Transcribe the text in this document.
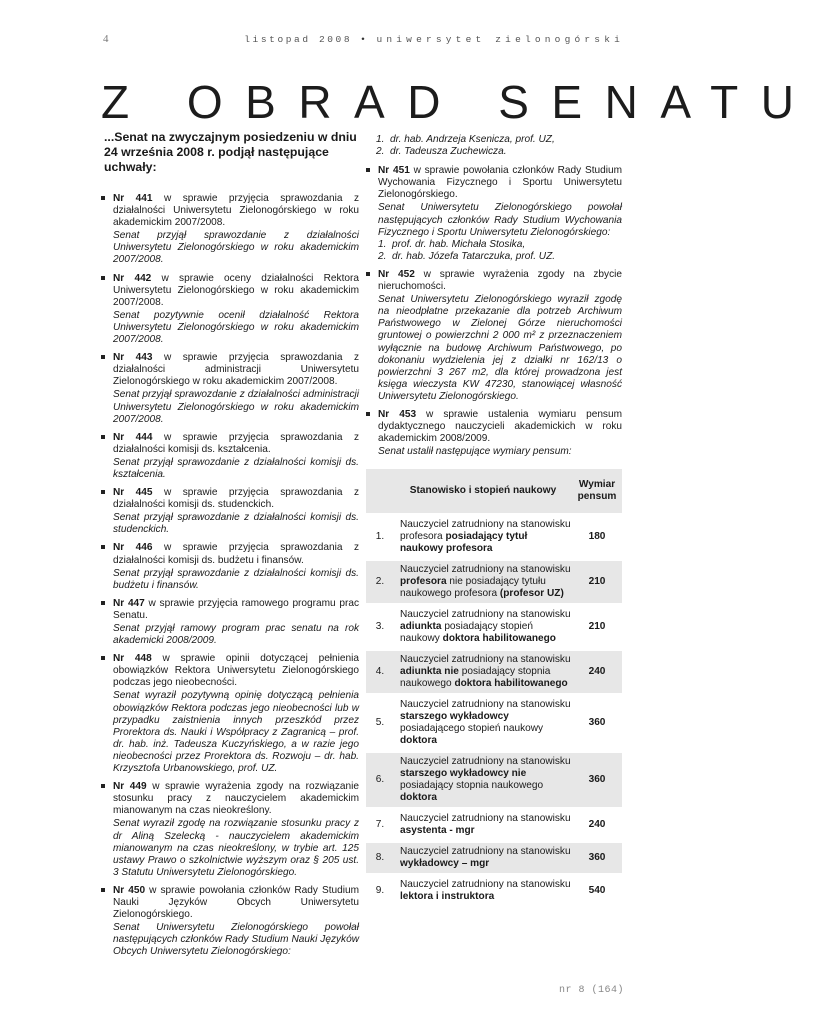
4	listopad 2008 • uniwersytet zielonogórski
Z OBRAD SENATU
...Senat na zwyczajnym posiedzeniu w dniu 24 września 2008 r. podjął następujące uchwały:
Nr 441 w sprawie przyjęcia sprawozdania z działalności Uniwersytetu Zielonogórskiego w roku akademickim 2007/2008.
Senat przyjął sprawozdanie z działalności Uniwersytetu Zielonogórskiego w roku akademickim 2007/2008.
Nr 442 w sprawie oceny działalności Rektora Uniwersytetu Zielonogórskiego w roku akademickim 2007/2008.
Senat pozytywnie ocenił działalność Rektora Uniwersytetu Zielonogórskiego w roku akademickim 2007/2008.
Nr 443 w sprawie przyjęcia sprawozdania z działalności administracji Uniwersytetu Zielonogórskiego w roku akademickim 2007/2008.
Senat przyjął sprawozdanie z działalności administracji Uniwersytetu Zielonogórskiego w roku akademickim 2007/2008.
Nr 444 w sprawie przyjęcia sprawozdania z działalności komisji ds. kształcenia.
Senat przyjął sprawozdanie z działalności komisji ds. kształcenia.
Nr 445 w sprawie przyjęcia sprawozdania z działalności komisji ds. studenckich.
Senat przyjął sprawozdanie z działalności komisji ds. studenckich.
Nr 446 w sprawie przyjęcia sprawozdania z działalności komisji ds. budżetu i finansów.
Senat przyjął sprawozdanie z działalności komisji ds. budżetu i finansów.
Nr 447 w sprawie przyjęcia ramowego programu prac Senatu.
Senat przyjął ramowy program prac senatu na rok akademicki 2008/2009.
Nr 448 w sprawie opinii dotyczącej pełnienia obowiązków Rektora Uniwersytetu Zielonogórskiego podczas jego nieobecności.
Senat wyraził pozytywną opinię dotyczącą pełnienia obowiązków Rektora podczas jego nieobecności lub w przypadku zaistnienia innych przeszkód przez Prorektora ds. Nauki i Współpracy z Zagranicą – prof. dr. hab. inż. Tadeusza Kuczyńskiego, a w razie jego nieobecności przez Prorektora ds. Rozwoju – dr. hab. Krzysztofa Urbanowskiego, prof. UZ.
Nr 449 w sprawie wyrażenia zgody na rozwiązanie stosunku pracy z nauczycielem akademickim mianowanym na czas nieokreślony.
Senat wyraził zgodę na rozwiązanie stosunku pracy z dr Aliną Szelecką - nauczycielem akademickim mianowanym na czas nieokreślony, w trybie art. 125 ustawy Prawo o szkolnictwie wyższym oraz § 205 ust. 3 Statutu Uniwersytetu Zielonogórskiego.
Nr 450 w sprawie powołania członków Rady Studium Nauki Języków Obcych Uniwersytetu Zielonogórskiego.
Senat Uniwersytetu Zielonogórskiego powołał następujących członków Rady Studium Nauki Języków Obcych Uniwersytetu Zielonogórskiego:
1. dr. hab. Andrzeja Ksenicza, prof. UZ,
2. dr. Tadeusza Zuchewicza.
Nr 451 w sprawie powołania członków Rady Studium Wychowania Fizycznego i Sportu Uniwersytetu Zielonogórskiego.
Senat Uniwersytetu Zielonogórskiego powołał następujących członków Rady Studium Wychowania Fizycznego i Sportu Uniwersytetu Zielonogórskiego:
1. prof. dr. hab. Michała Stosika,
2. dr. hab. Józefa Tatarczuka, prof. UZ.
Nr 452 w sprawie wyrażenia zgody na zbycie nieruchomości.
Senat Uniwersytetu Zielonogórskiego wyraził zgodę na nieodpłatne przekazanie dla potrzeb Archiwum Państwowego w Zielonej Górze nieruchomości gruntowej o powierzchni 2 000 m² z przeznaczeniem wyłącznie na budowę Archiwum Państwowego, po dokonaniu wydzielenia jej z działki nr 162/13 o powierzchni 3 267 m2, dla której prowadzona jest księga wieczysta KW 47230, stanowiącej własność Uniwersytetu Zielonogórskiego.
Nr 453 w sprawie ustalenia wymiaru pensum dydaktycznego nauczycieli akademickich w roku akademickim 2008/2009.
Senat ustalił następujące wymiary pensum:
	Stanowisko i stopień naukowy	Wymiar pensum
1.	Nauczyciel zatrudniony na stanowisku profesora posiadający tytuł naukowy profesora	180
2.	Nauczyciel zatrudniony na stanowisku profesora nie posiadający tytułu naukowego profesora (profesor UZ)	210
3.	Nauczyciel zatrudniony na stanowisku adiunkta posiadający stopień naukowy doktora habilitowanego	210
4.	Nauczyciel zatrudniony na stanowisku adiunkta nie posiadający stopnia naukowego doktora habilitowanego	240
5.	Nauczyciel zatrudniony na stanowisku starszego wykładowcy posiadającego stopień naukowy doktora	360
6.	Nauczyciel zatrudniony na stanowisku starszego wykładowcy nie posiadający stopnia naukowego doktora	360
7.	Nauczyciel zatrudniony na stanowisku asystenta - mgr	240
8.	Nauczyciel zatrudniony na stanowisku wykładowcy – mgr	360
9.	Nauczyciel zatrudniony na stanowisku lektora i instruktora	540
nr 8 (164)
